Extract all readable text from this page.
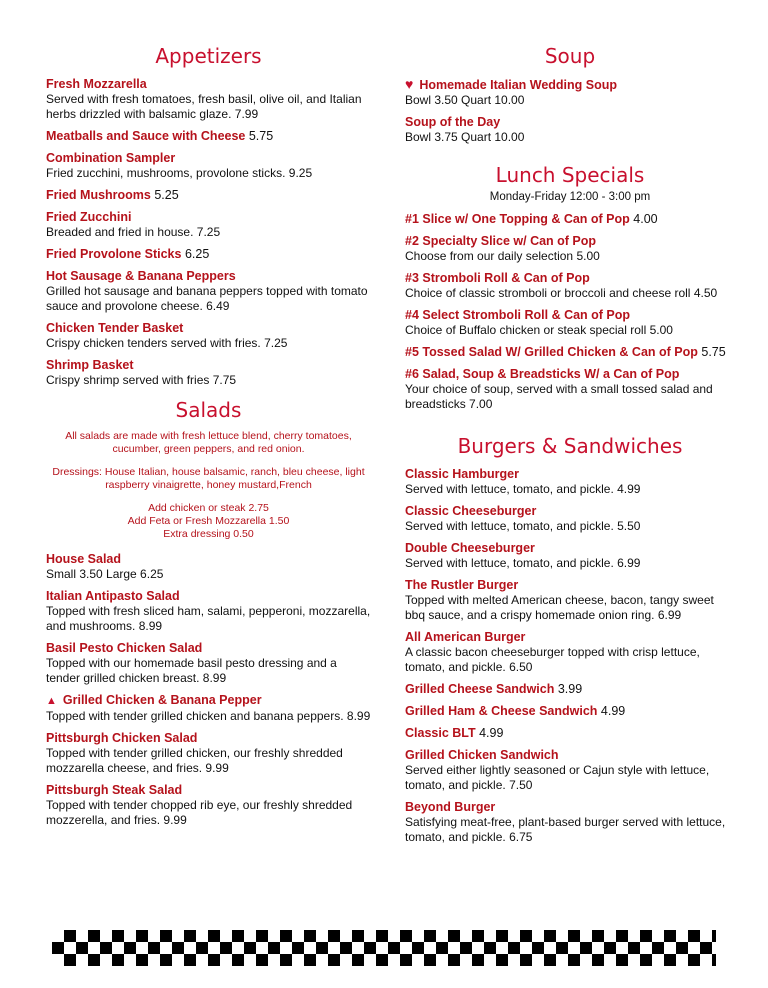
Appetizers
Fresh Mozzarella
Served with fresh tomatoes, fresh basil, olive oil, and Italian herbs drizzled with balsamic glaze. 7.99
Meatballs and Sauce with Cheese 5.75
Combination Sampler
Fried zucchini, mushrooms, provolone sticks. 9.25
Fried Mushrooms 5.25
Fried Zucchini
Breaded and fried in house. 7.25
Fried Provolone Sticks 6.25
Hot Sausage & Banana Peppers
Grilled hot sausage and banana peppers topped with tomato sauce and provolone cheese. 6.49
Chicken Tender Basket
Crispy chicken tenders served with fries. 7.25
Shrimp Basket
Crispy shrimp served with fries 7.75
Salads
All salads are made with fresh lettuce blend, cherry tomatoes, cucumber, green peppers, and red onion.
Dressings: House Italian, house balsamic, ranch, bleu cheese, light raspberry vinaigrette, honey mustard,French
Add chicken or steak 2.75
Add Feta or Fresh Mozzarella 1.50
Extra dressing 0.50
House Salad
Small 3.50 Large 6.25
Italian Antipasto Salad
Topped with fresh sliced ham, salami, pepperoni, mozzarella, and mushrooms. 8.99
Basil Pesto Chicken Salad
Topped with our homemade basil pesto dressing and a tender grilled chicken breast. 8.99
▲ Grilled Chicken & Banana Pepper
Topped with tender grilled chicken and banana peppers. 8.99
Pittsburgh Chicken Salad
Topped with tender grilled chicken, our freshly shredded mozzarella cheese, and fries. 9.99
Pittsburgh Steak Salad
Topped with tender chopped rib eye, our freshly shredded mozzerella, and fries. 9.99
Soup
♥ Homemade Italian Wedding Soup
Bowl 3.50 Quart 10.00
Soup of the Day
Bowl 3.75 Quart 10.00
Lunch Specials
Monday-Friday 12:00 - 3:00 pm
#1 Slice w/ One Topping & Can of Pop 4.00
#2 Specialty Slice w/ Can of Pop
Choose from our daily selection 5.00
#3 Stromboli Roll & Can of Pop
Choice of classic stromboli or broccoli and cheese roll 4.50
#4 Select Stromboli Roll & Can of Pop
Choice of Buffalo chicken or steak special roll 5.00
#5 Tossed Salad W/ Grilled Chicken & Can of Pop 5.75
#6 Salad, Soup & Breadsticks W/ a Can of Pop
Your choice of soup, served with a small tossed salad and breadsticks 7.00
Burgers & Sandwiches
Classic Hamburger
Served with lettuce, tomato, and pickle. 4.99
Classic Cheeseburger
Served with lettuce, tomato, and pickle. 5.50
Double Cheeseburger
Served with lettuce, tomato, and pickle. 6.99
The Rustler Burger
Topped with melted American cheese, bacon, tangy sweet bbq sauce, and a crispy homemade onion ring. 6.99
All American Burger
A classic bacon cheeseburger topped with crisp lettuce, tomato, and pickle. 6.50
Grilled Cheese Sandwich 3.99
Grilled Ham & Cheese Sandwich 4.99
Classic BLT 4.99
Grilled Chicken Sandwich
Served either lightly seasoned or Cajun style with lettuce, tomato, and pickle. 7.50
Beyond Burger
Satisfying meat-free, plant-based burger served with lettuce, tomato, and pickle. 6.75
